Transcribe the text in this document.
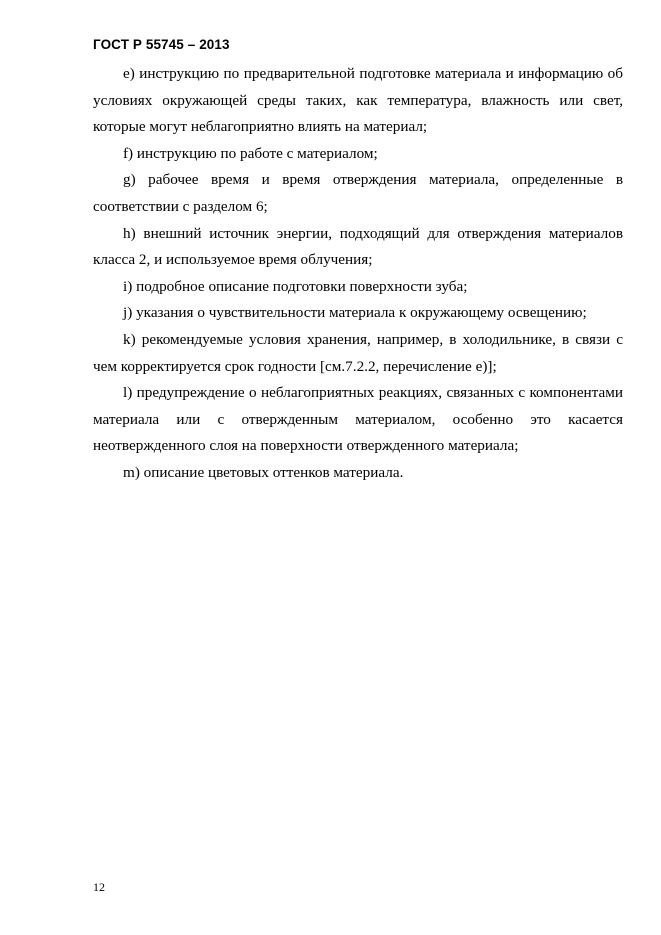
ГОСТ Р 55745 – 2013

e) инструкцию по предварительной подготовке материала и информацию об условиях окружающей среды таких, как температура, влажность или свет, которые могут неблагоприятно влиять на материал;

f) инструкцию по работе с материалом;

g) рабочее время и время отверждения материала, определенные в соответствии с разделом 6;

h) внешний источник энергии, подходящий для отверждения материалов класса 2, и используемое время облучения;

i) подробное описание подготовки поверхности зуба;

j) указания о чувствительности материала к окружающему освещению;

k) рекомендуемые условия хранения, например, в холодильнике, в связи с чем корректируется срок годности [см.7.2.2, перечисление е)];

l) предупреждение о неблагоприятных реакциях, связанных с компонентами материала или с отвержденным материалом, особенно это касается неотвержденного слоя на поверхности отвержденного материала;

m) описание цветовых оттенков материала.

12
